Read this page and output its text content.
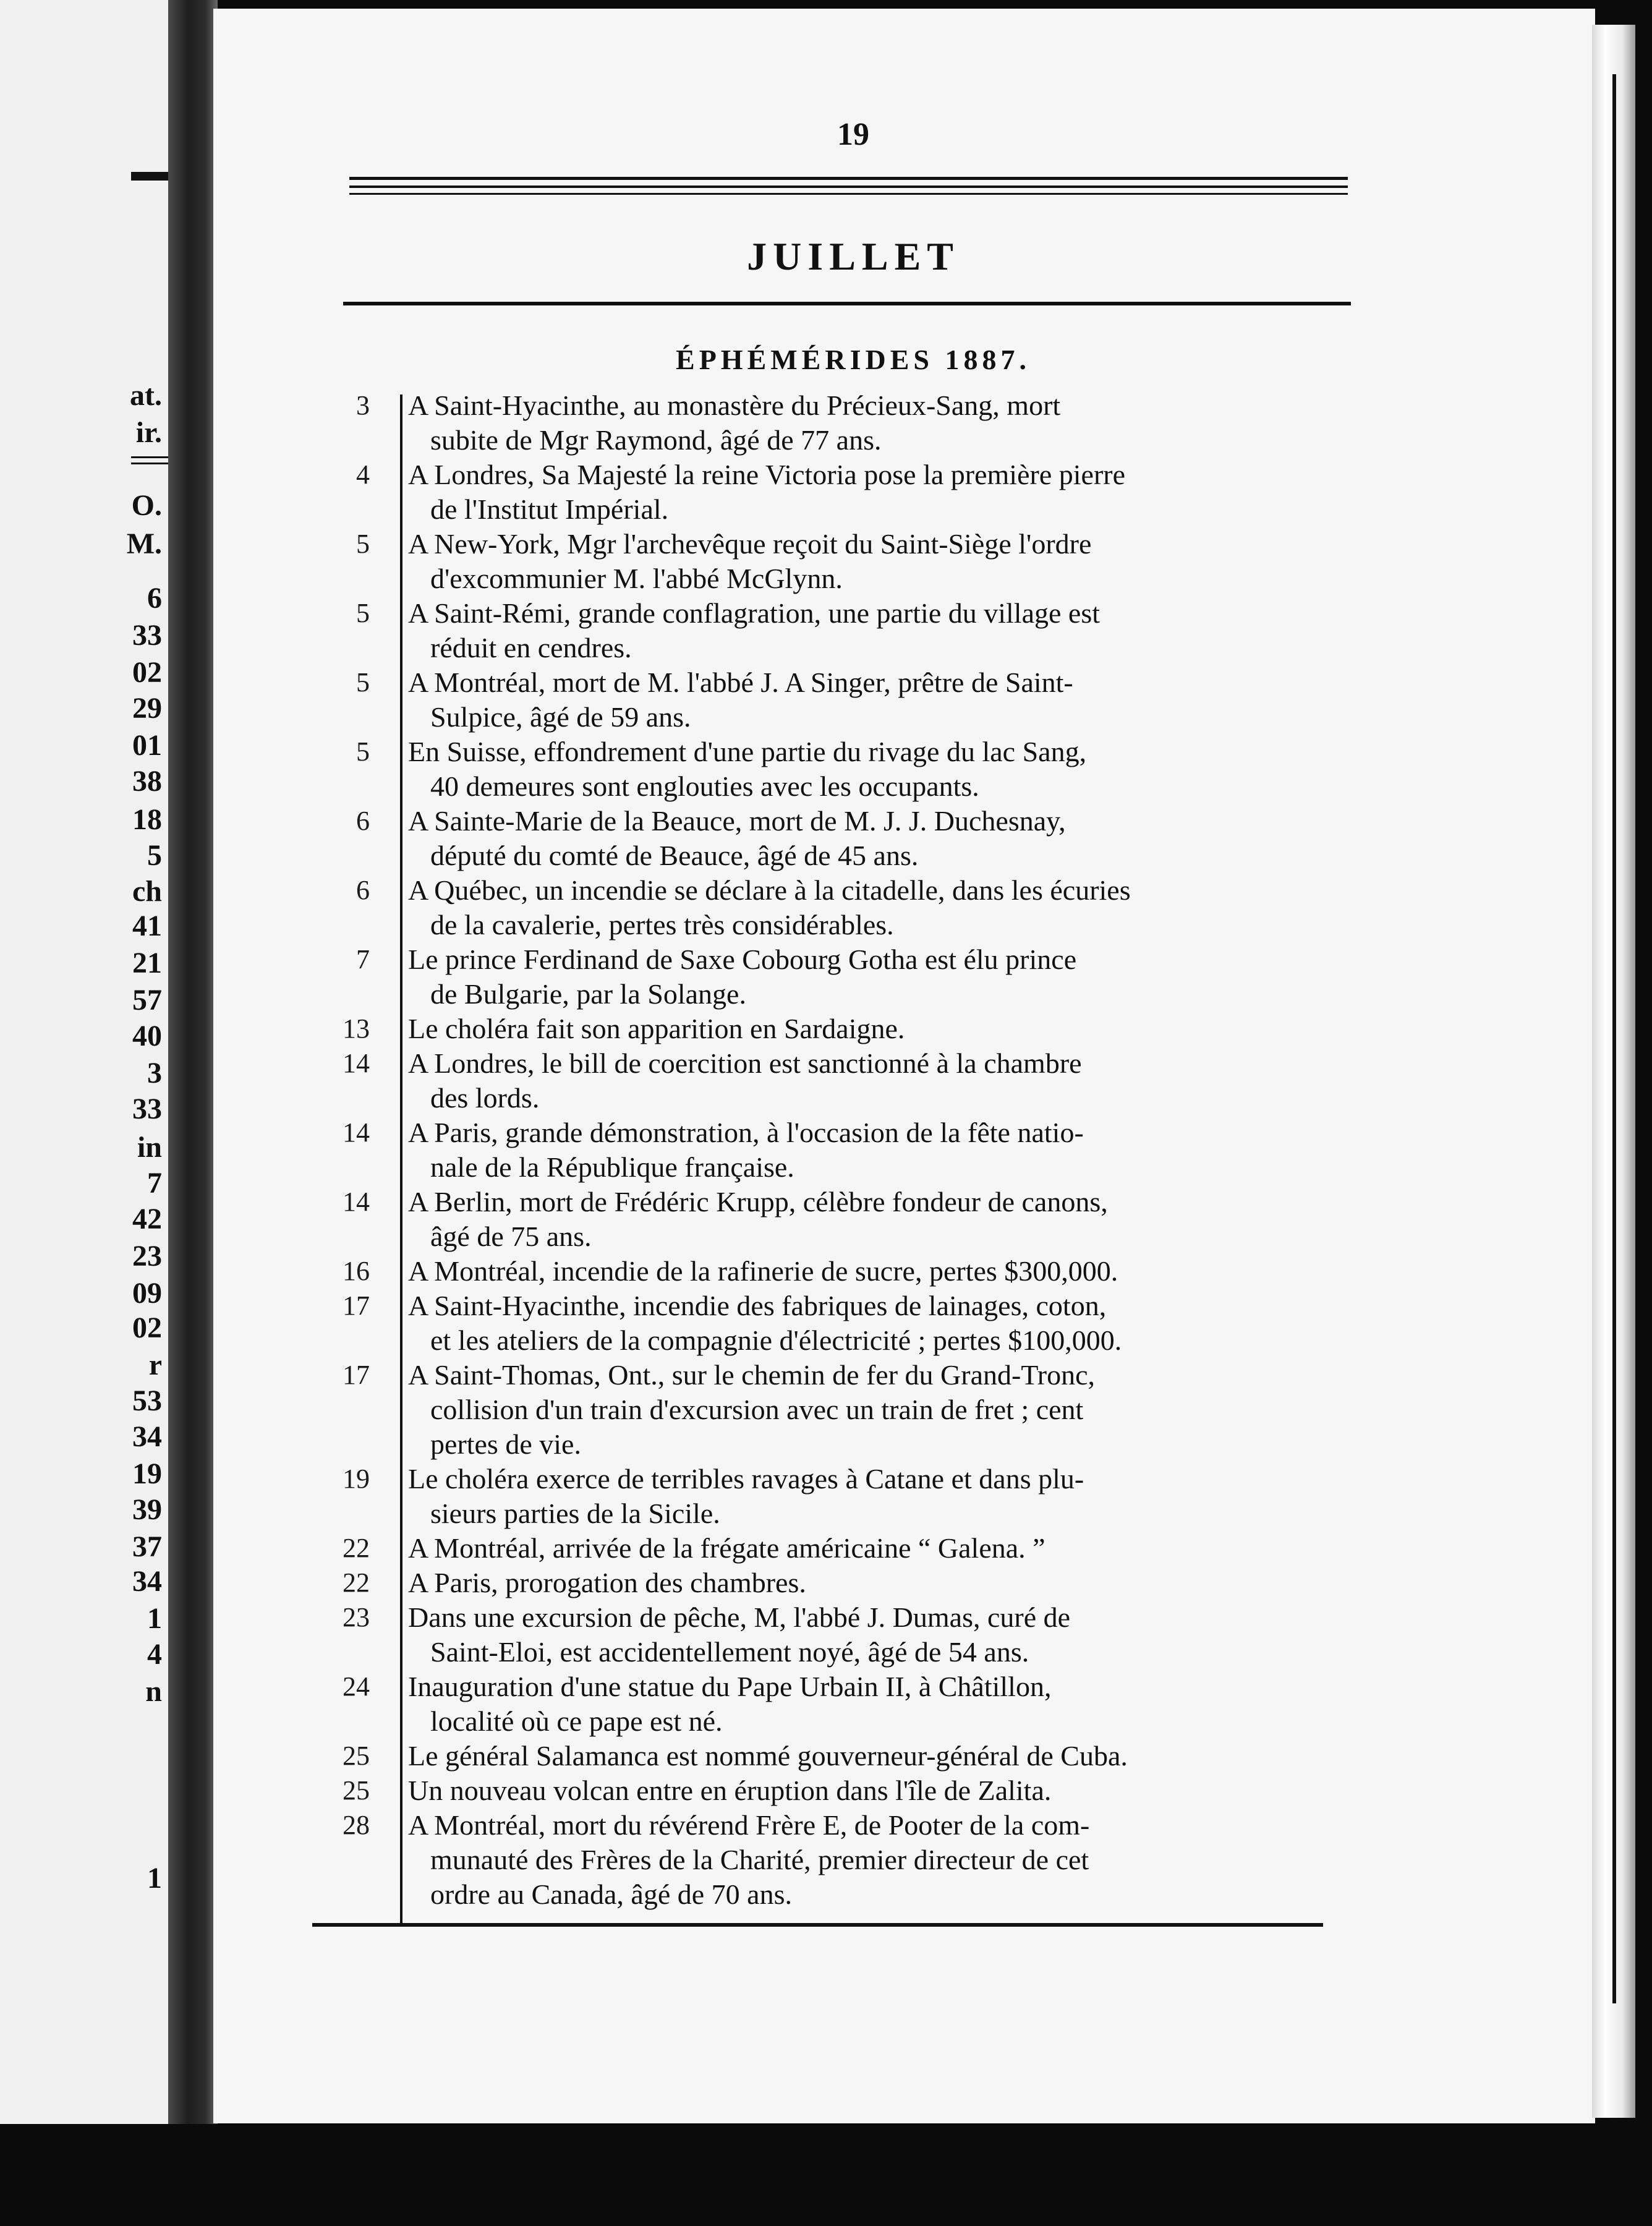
at.
ir.
O.
M.
6
33
02
29
01
38
18
5
ch
41
21
57
40
3
33
in
7
42
23
09
02
r
53
34
19
39
37
34
1
4
n
1
19
JUILLET
ÉPHÉMÉRIDES 1887.
3 A Saint-Hyacinthe, au monastère du Précieux-Sang, mort
subite de Mgr Raymond, âgé de 77 ans.
4 A Londres, Sa Majesté la reine Victoria pose la première pierre
de l'Institut Impérial.
5 A New-York, Mgr l'archevêque reçoit du Saint-Siège l'ordre
d'excommunier M. l'abbé McGlynn.
5 A Saint-Rémi, grande conflagration, une partie du village est
réduit en cendres.
5 A Montréal, mort de M. l'abbé J. A Singer, prêtre de Saint-
Sulpice, âgé de 59 ans.
5 En Suisse, effondrement d'une partie du rivage du lac Sang,
40 demeures sont englouties avec les occupants.
6 A Sainte-Marie de la Beauce, mort de M. J. J. Duchesnay,
député du comté de Beauce, âgé de 45 ans.
6 A Québec, un incendie se déclare à la citadelle, dans les écuries
de la cavalerie, pertes très considérables.
7 Le prince Ferdinand de Saxe Cobourg Gotha est élu prince
de Bulgarie, par la Solange.
13 Le choléra fait son apparition en Sardaigne.
14 A Londres, le bill de coercition est sanctionné à la chambre
des lords.
14 A Paris, grande démonstration, à l'occasion de la fête natio-
nale de la République française.
14 A Berlin, mort de Frédéric Krupp, célèbre fondeur de canons,
âgé de 75 ans.
16 A Montréal, incendie de la rafinerie de sucre, pertes $300,000.
17 A Saint-Hyacinthe, incendie des fabriques de lainages, coton,
et les ateliers de la compagnie d'électricité ; pertes $100,000.
17 A Saint-Thomas, Ont., sur le chemin de fer du Grand-Tronc,
collision d'un train d'excursion avec un train de fret ; cent
pertes de vie.
19 Le choléra exerce de terribles ravages à Catane et dans plu-
sieurs parties de la Sicile.
22 A Montréal, arrivée de la frégate américaine “ Galena. ”
22 A Paris, prorogation des chambres.
23 Dans une excursion de pêche, M, l'abbé J. Dumas, curé de
Saint-Eloi, est accidentellement noyé, âgé de 54 ans.
24 Inauguration d'une statue du Pape Urbain II, à Châtillon,
localité où ce pape est né.
25 Le général Salamanca est nommé gouverneur-général de Cuba.
25 Un nouveau volcan entre en éruption dans l'île de Zalita.
28 A Montréal, mort du révérend Frère E, de Pooter de la com-
munauté des Frères de la Charité, premier directeur de cet
ordre au Canada, âgé de 70 ans.
